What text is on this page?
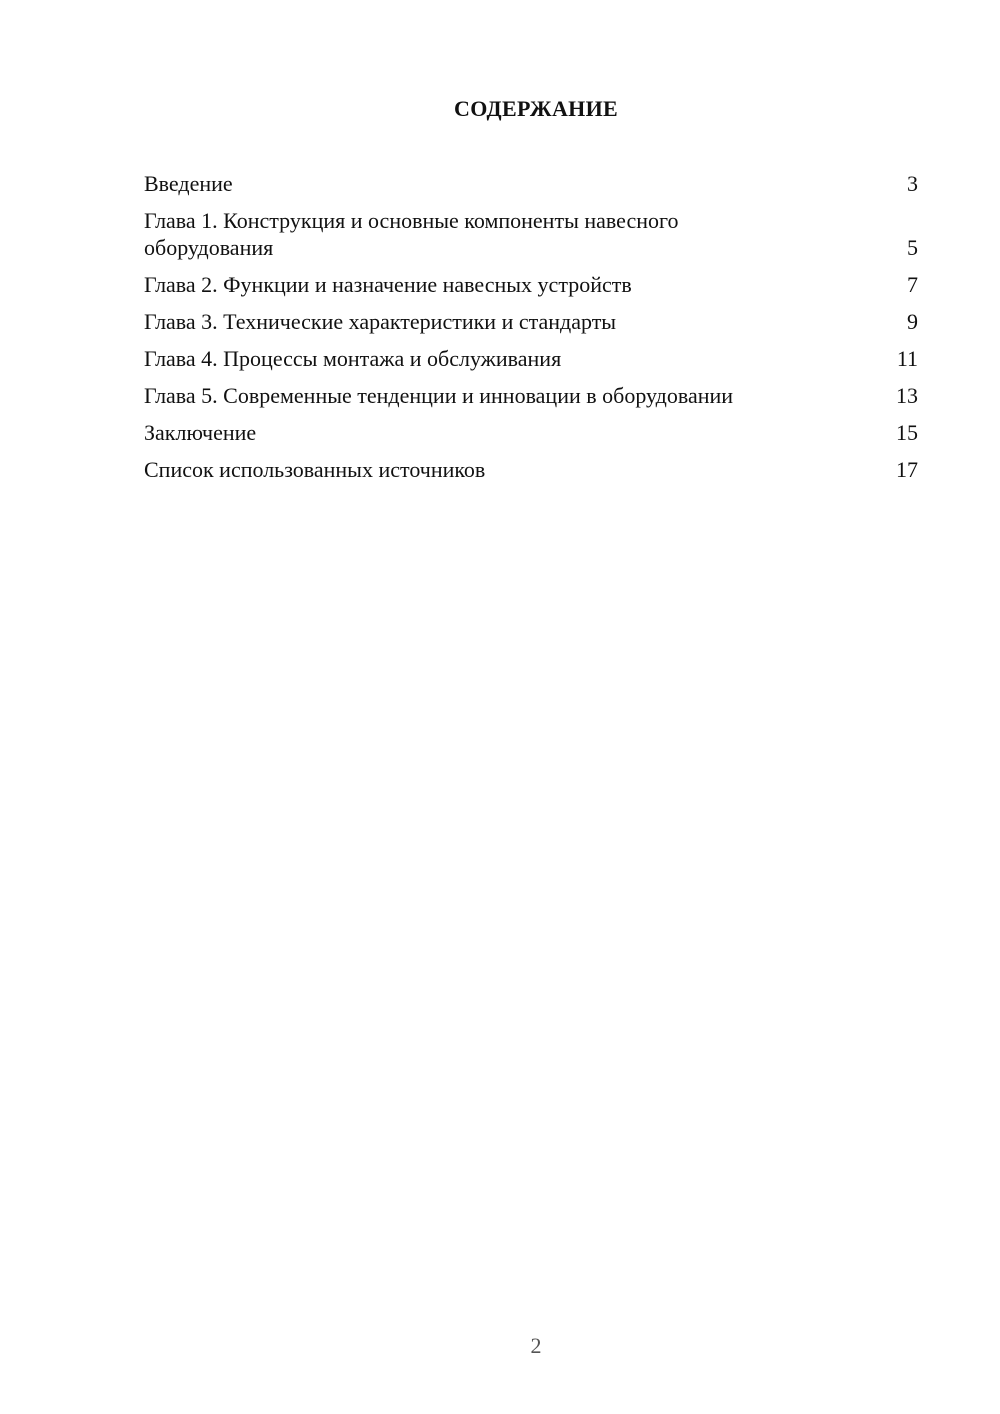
СОДЕРЖАНИЕ
Введение	3
Глава 1. Конструкция и основные компоненты навесного оборудования	5
Глава 2. Функции и назначение навесных устройств	7
Глава 3. Технические характеристики и стандарты	9
Глава 4. Процессы монтажа и обслуживания	11
Глава 5. Современные тенденции и инновации в оборудовании	13
Заключение	15
Список использованных источников	17
2
